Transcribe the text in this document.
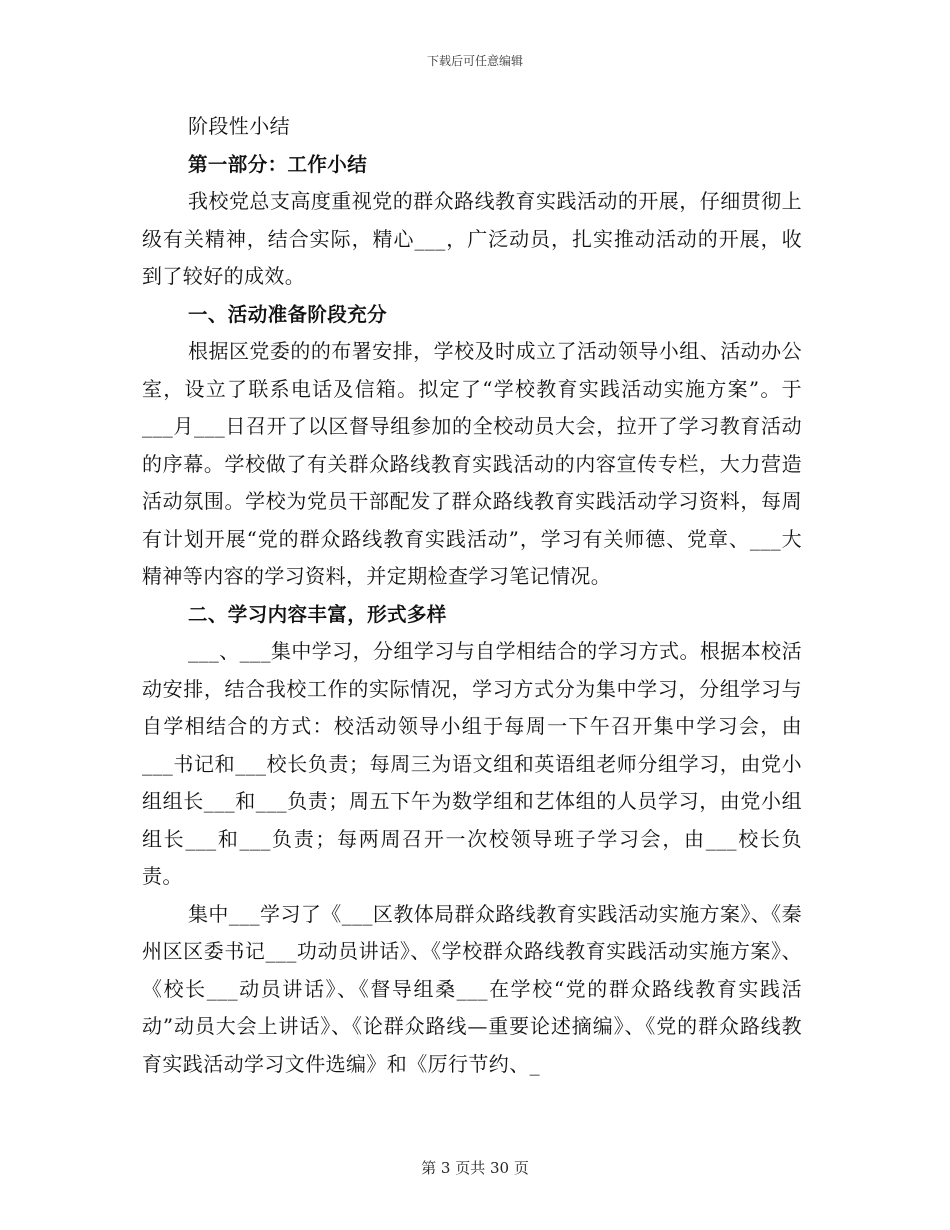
下载后可任意编辑

阶段性小结

第一部分：工作小结

我校党总支高度重视党的群众路线教育实践活动的开展，仔细贯彻上级有关精神，结合实际，精心___，广泛动员，扎实推动活动的开展，收到了较好的成效。

一、活动准备阶段充分

根据区党委的的布署安排，学校及时成立了活动领导小组、活动办公室，设立了联系电话及信箱。拟定了“学校教育实践活动实施方案”。于___月___日召开了以区督导组参加的全校动员大会，拉开了学习教育活动的序幕。学校做了有关群众路线教育实践活动的内容宣传专栏，大力营造活动氛围。学校为党员干部配发了群众路线教育实践活动学习资料，每周有计划开展“党的群众路线教育实践活动”，学习有关师德、党章、___大精神等内容的学习资料，并定期检查学习笔记情况。

二、学习内容丰富，形式多样

___、___集中学习，分组学习与自学相结合的学习方式。根据本校活动安排，结合我校工作的实际情况，学习方式分为集中学习，分组学习与自学相结合的方式：校活动领导小组于每周一下午召开集中学习会，由___书记和___校长负责；每周三为语文组和英语组老师分组学习，由党小组组长___和___负责；周五下午为数学组和艺体组的人员学习，由党小组组长___和___负责；每两周召开一次校领导班子学习会，由___校长负责。

集中___学习了《___区教体局群众路线教育实践活动实施方案》、《秦州区区委书记___功动员讲话》、《学校群众路线教育实践活动实施方案》、《校长___动员讲话》、《督导组桑___在学校“党的群众路线教育实践活动”动员大会上讲话》、《论群众路线—重要论述摘编》、《党的群众路线教育实践活动学习文件选编》和《厉行节约、_

第 3 页共 30 页
